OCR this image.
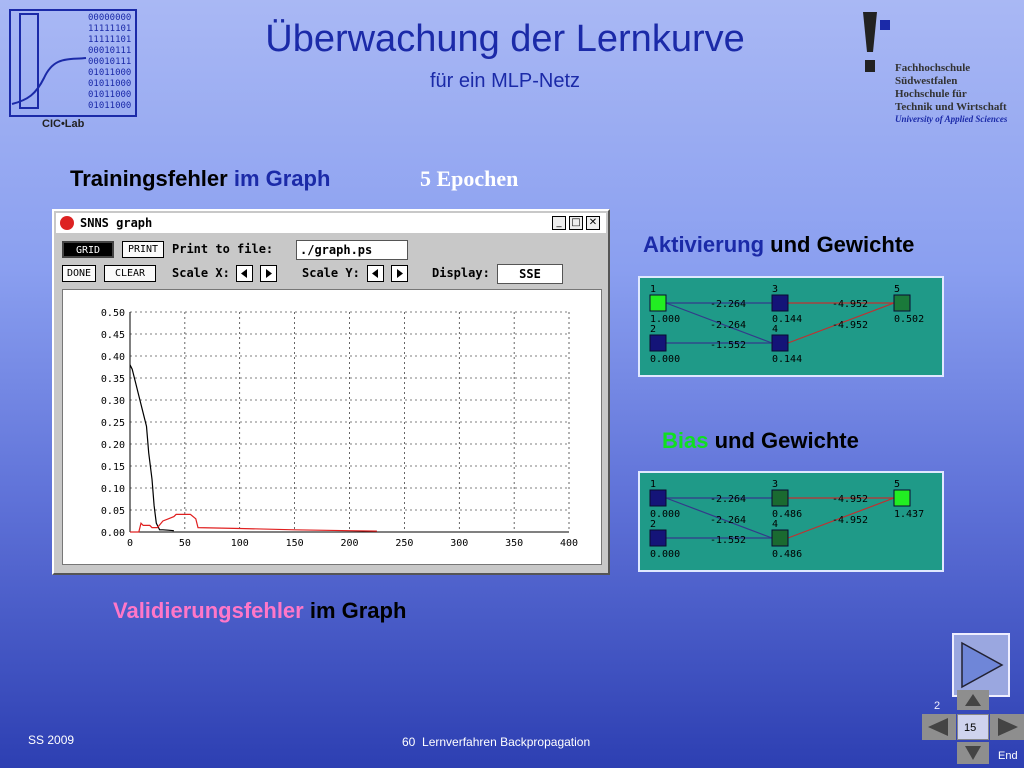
Überwachung der Lernkurve
für ein MLP-Netz
00000000
11111101
11111101
00010111
00010111
01011000
01011000
01011000
01011000
CIC•Lab
Fachhochschule
Südwestfalen
Hochschule für
Technik und Wirtschaft
University of Applied Sciences
Trainingsfehler im Graph	5 Epochen
Aktivierung und Gewichte
Bias und Gewichte
Validierungsfehler im Graph
SNNS graph	_ □ ✕
GRID	PRINT	Print to file:	./graph.ps
DONE	CLEAR	Scale X:	Scale Y:	Display:	SSE
0.00
0.05
0.10
0.15
0.20
0.25
0.30
0.35
0.40
0.45
0.50
0	50	100	150	200	250	300	350	400
-2.264
-2.264
-1.552
-4.952
-4.952
1
1.000
2
0.000
3
0.144
4
0.144
5
0.502
-2.264
-2.264
-1.552
-4.952
-4.952
1
0.000
2
0.000
3
0.486
4
0.486
5
1.437
SS 2009	60 Lernverfahren Backpropagation
2
15
End
